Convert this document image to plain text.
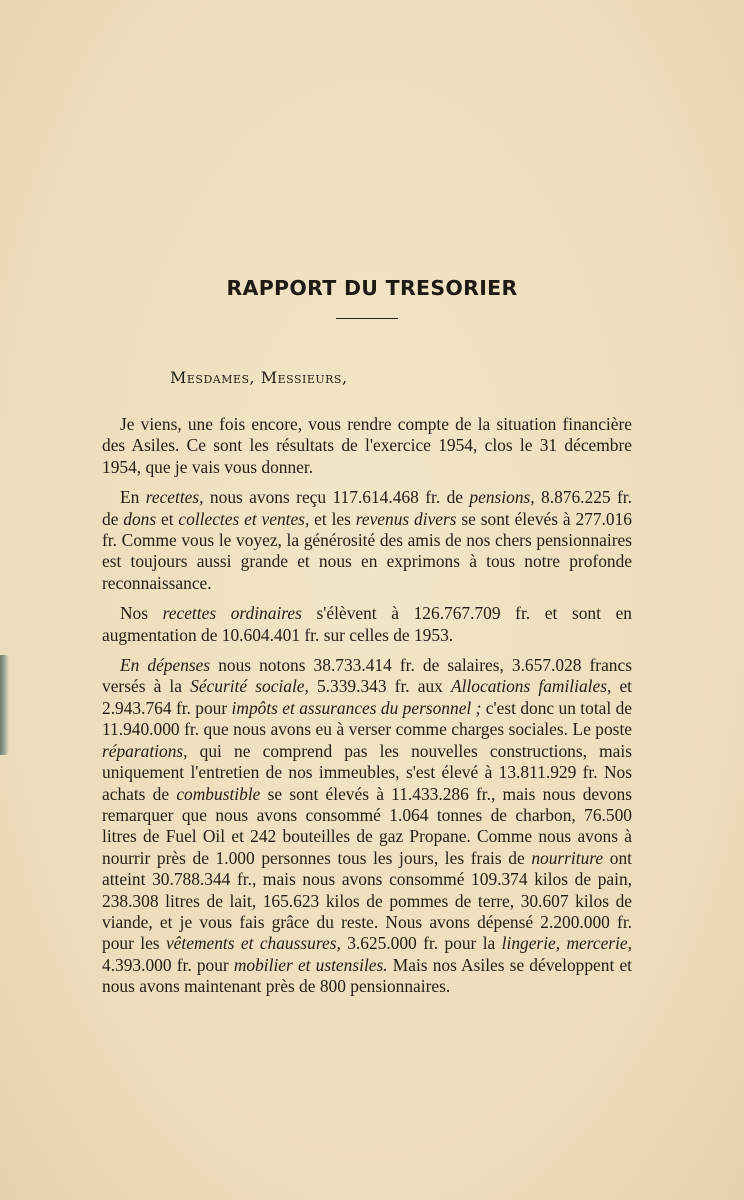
RAPPORT DU TRESORIER

Mesdames, Messieurs,

Je viens, une fois encore, vous rendre compte de la situation financière des Asiles. Ce sont les résultats de l'exercice 1954, clos le 31 décembre 1954, que je vais vous donner.

En recettes, nous avons reçu 117.614.468 fr. de pensions, 8.876.225 fr. de dons et collectes et ventes, et les revenus divers se sont élevés à 277.016 fr. Comme vous le voyez, la générosité des amis de nos chers pensionnaires est toujours aussi grande et nous en exprimons à tous notre profonde reconnaissance.

Nos recettes ordinaires s'élèvent à 126.767.709 fr. et sont en augmentation de 10.604.401 fr. sur celles de 1953.

En dépenses nous notons 38.733.414 fr. de salaires, 3.657.028 francs versés à la Sécurité sociale, 5.339.343 fr. aux Allocations familiales, et 2.943.764 fr. pour impôts et assurances du personnel ; c'est donc un total de 11.940.000 fr. que nous avons eu à verser comme charges sociales. Le poste réparations, qui ne comprend pas les nouvelles constructions, mais uniquement l'entretien de nos immeubles, s'est élevé à 13.811.929 fr. Nos achats de combustible se sont élevés à 11.433.286 fr., mais nous devons remarquer que nous avons consommé 1.064 tonnes de charbon, 76.500 litres de Fuel Oil et 242 bouteilles de gaz Propane. Comme nous avons à nourrir près de 1.000 personnes tous les jours, les frais de nourriture ont atteint 30.788.344 fr., mais nous avons consommé 109.374 kilos de pain, 238.308 litres de lait, 165.623 kilos de pommes de terre, 30.607 kilos de viande, et je vous fais grâce du reste. Nous avons dépensé 2.200.000 fr. pour les vêtements et chaussures, 3.625.000 fr. pour la lingerie, mercerie, 4.393.000 fr. pour mobilier et ustensiles. Mais nos Asiles se développent et nous avons maintenant près de 800 pensionnaires.
